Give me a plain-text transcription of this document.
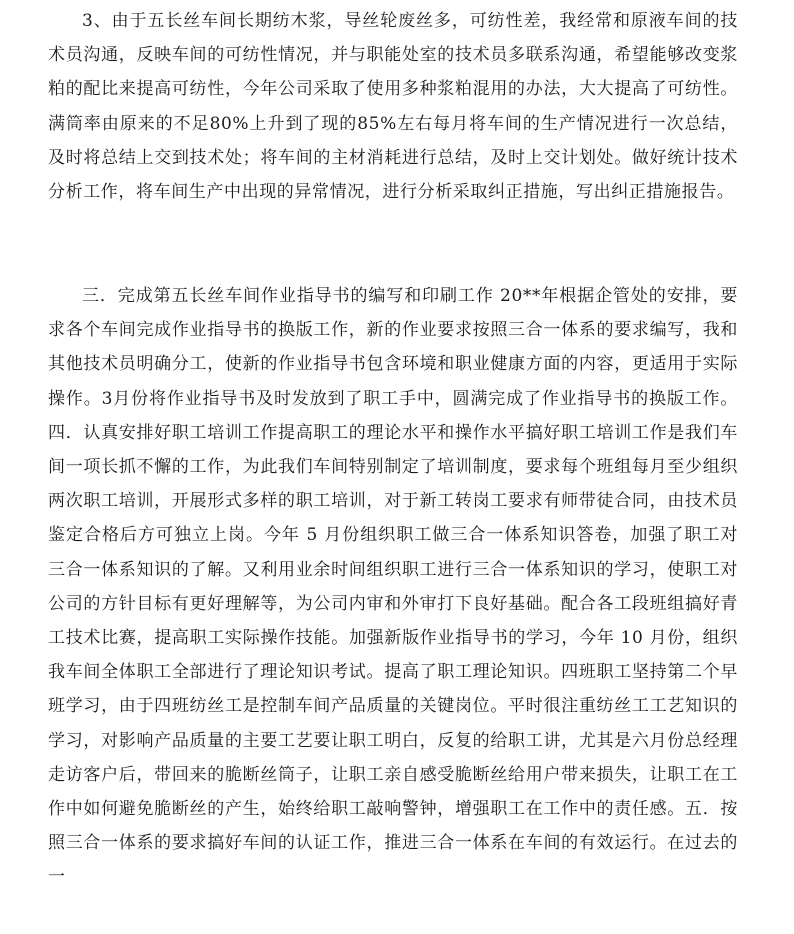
3、由于五长丝车间长期纺木浆，导丝轮废丝多，可纺性差，我经常和原液车间的技术员沟通，反映车间的可纺性情况，并与职能处室的技术员多联系沟通，希望能够改变浆粕的配比来提高可纺性，今年公司采取了使用多种浆粕混用的办法，大大提高了可纺性。满筒率由原来的不足80%上升到了现的85%左右每月将车间的生产情况进行一次总结，及时将总结上交到技术处；将车间的主材消耗进行总结，及时上交计划处。做好统计技术分析工作，将车间生产中出现的异常情况，进行分析采取纠正措施，写出纠正措施报告。

三．完成第五长丝车间作业指导书的编写和印刷工作 20**年根据企管处的安排，要求各个车间完成作业指导书的换版工作，新的作业要求按照三合一体系的要求编写，我和其他技术员明确分工，使新的作业指导书包含环境和职业健康方面的内容，更适用于实际操作。3月份将作业指导书及时发放到了职工手中，圆满完成了作业指导书的换版工作。四．认真安排好职工培训工作提高职工的理论水平和操作水平搞好职工培训工作是我们车间一项长抓不懈的工作，为此我们车间特别制定了培训制度，要求每个班组每月至少组织两次职工培训，开展形式多样的职工培训，对于新工转岗工要求有师带徒合同，由技术员鉴定合格后方可独立上岗。今年 5 月份组织职工做三合一体系知识答卷，加强了职工对三合一体系知识的了解。又利用业余时间组织职工进行三合一体系知识的学习，使职工对公司的方针目标有更好理解等，为公司内审和外审打下良好基础。配合各工段班组搞好青工技术比赛，提高职工实际操作技能。加强新版作业指导书的学习，今年 10 月份，组织我车间全体职工全部进行了理论知识考试。提高了职工理论知识。四班职工坚持第二个早班学习，由于四班纺丝工是控制车间产品质量的关键岗位。平时很注重纺丝工工艺知识的学习，对影响产品质量的主要工艺要让职工明白，反复的给职工讲，尤其是六月份总经理走访客户后，带回来的脆断丝筒子，让职工亲自感受脆断丝给用户带来损失，让职工在工作中如何避免脆断丝的产生，始终给职工敲响警钟，增强职工在工作中的责任感。五．按照三合一体系的要求搞好车间的认证工作，推进三合一体系在车间的有效运行。在过去的一
